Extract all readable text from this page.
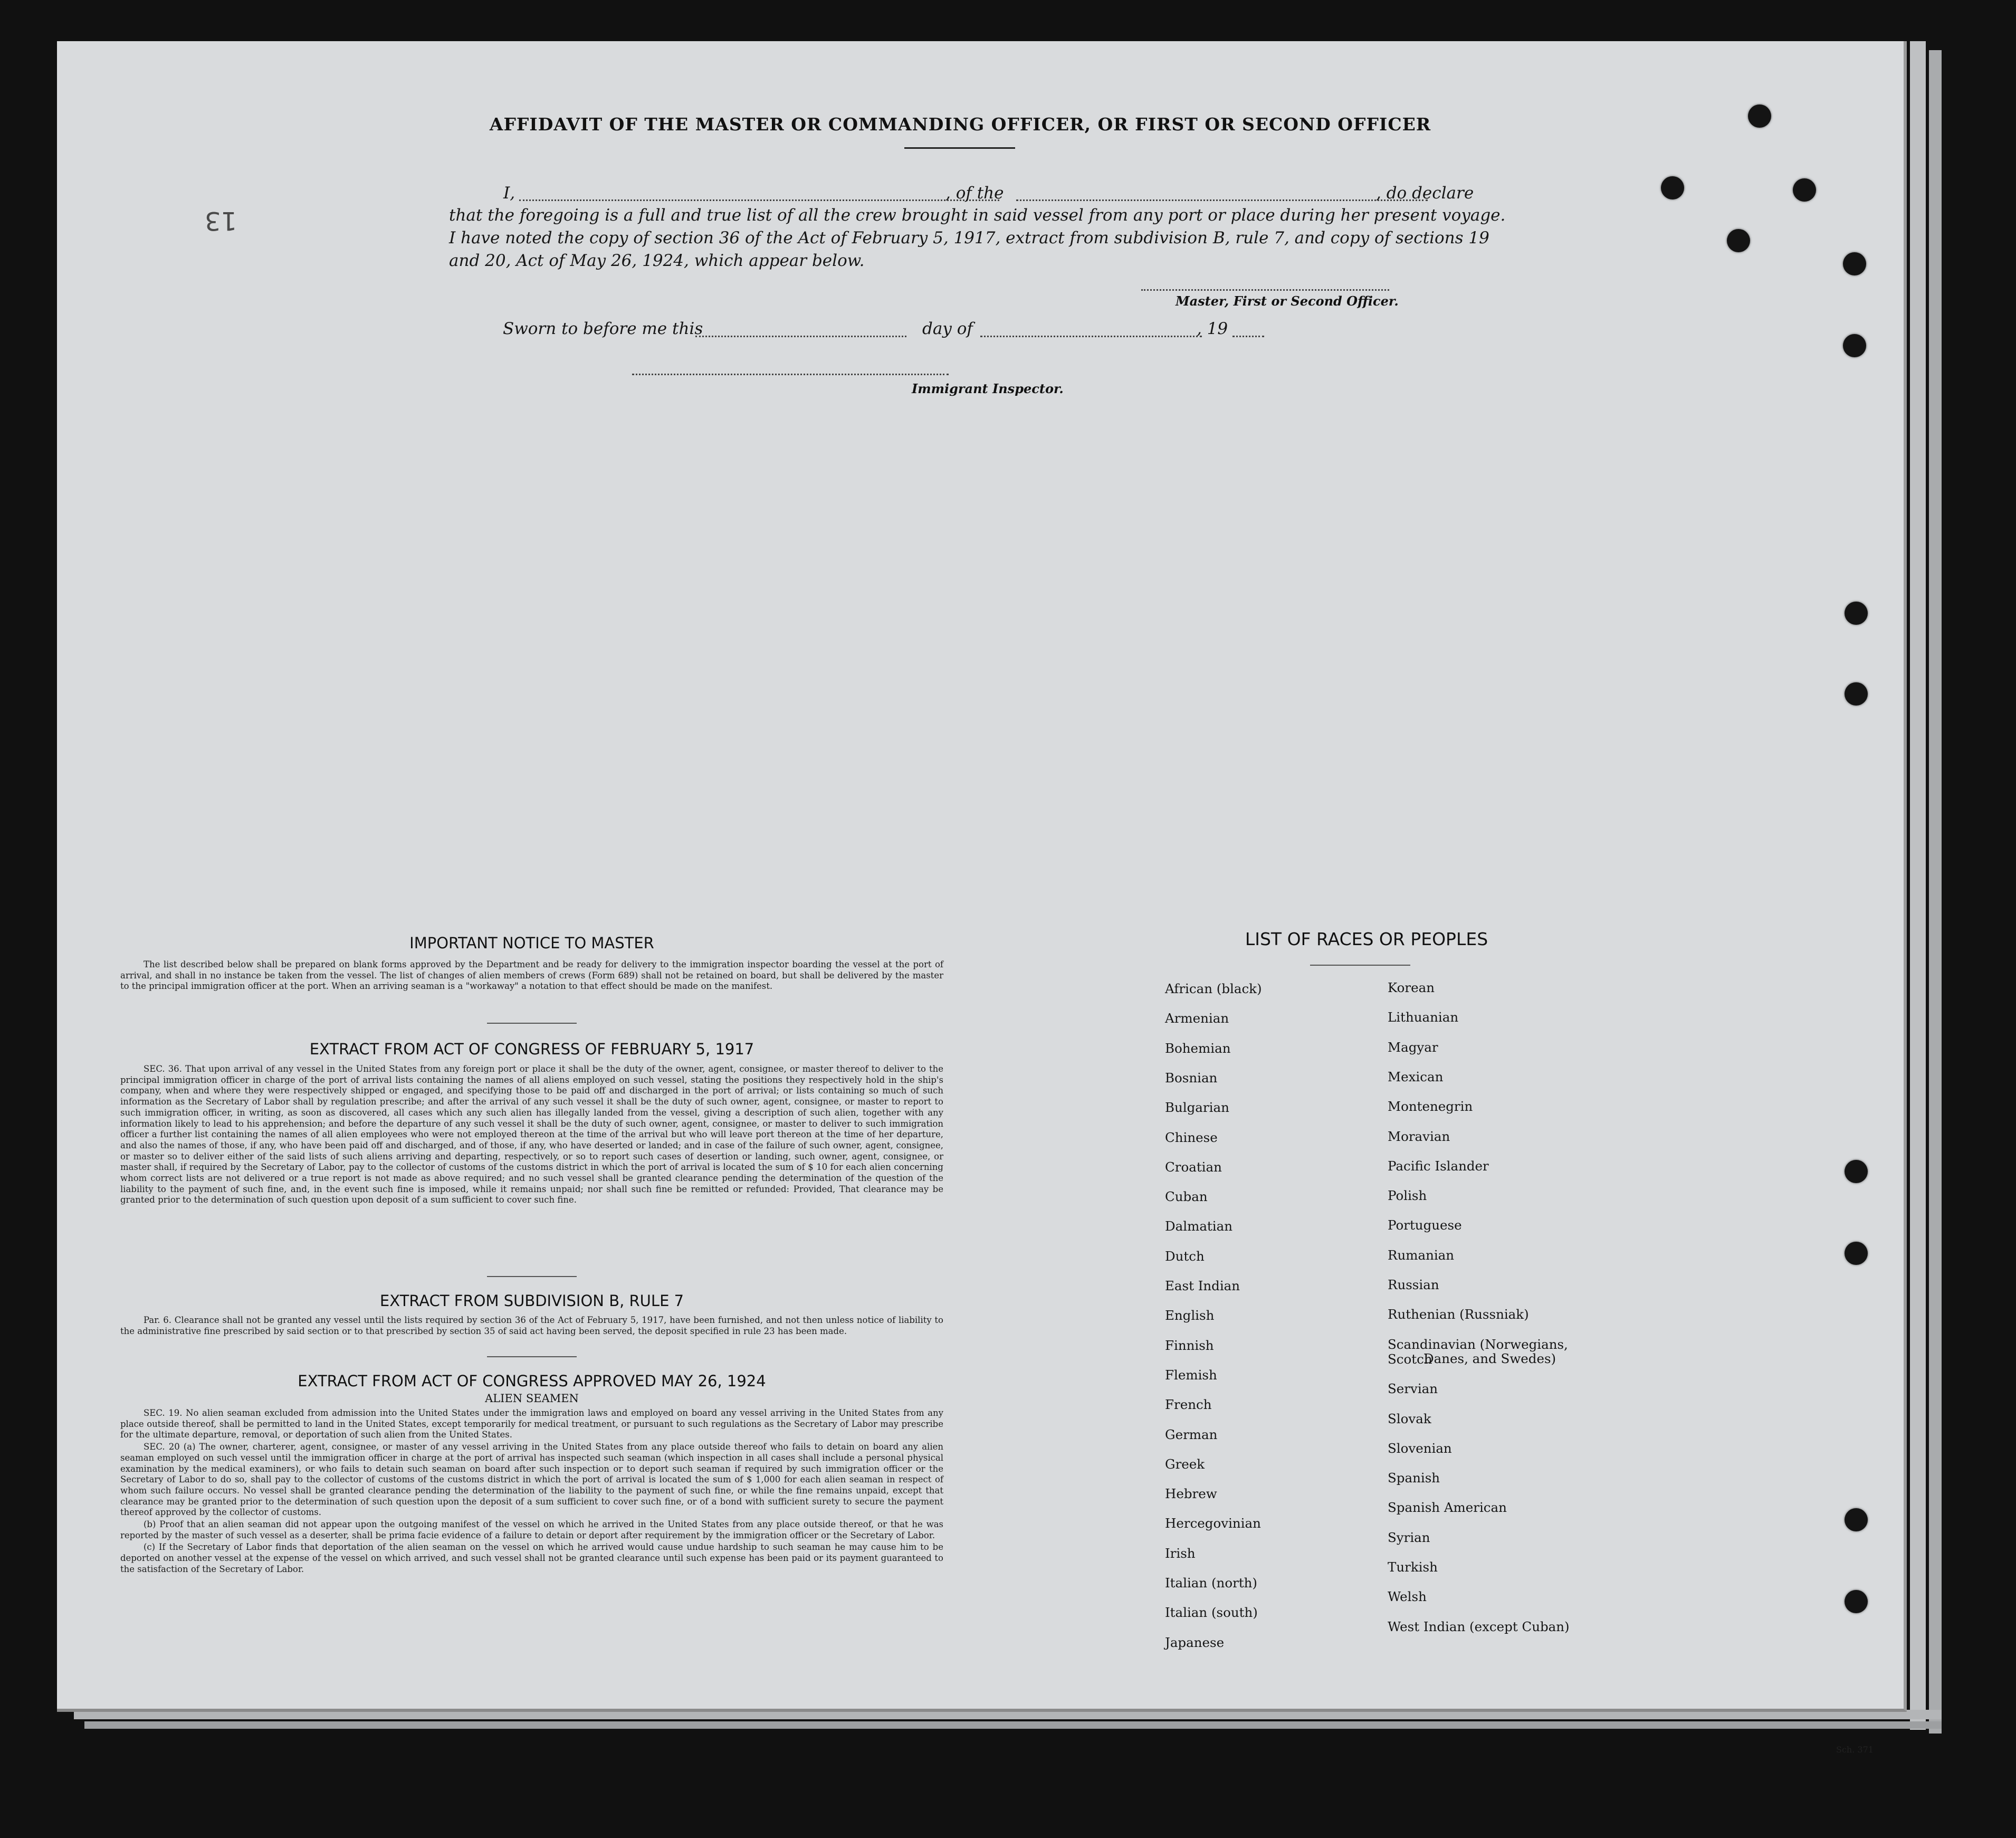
13
AFFIDAVIT OF THE MASTER OR COMMANDING OFFICER, OR FIRST OR SECOND OFFICER
I,	, of the	, do declare
that the foregoing is a full and true list of all the crew brought in said vessel from any port or place during her present voyage.
I have noted the copy of section 36 of the Act of February 5, 1917, extract from subdivision B, rule 7, and copy of sections 19
and 20, Act of May 26, 1924, which appear below.
Master, First or Second Officer.
Sworn to before me this	day of	, 19
Immigrant Inspector.
IMPORTANT NOTICE TO MASTER

The list described below shall be prepared on blank forms approved by the Department and be ready for delivery to the immigration inspector boarding the vessel at the port of arrival, and shall in no instance be taken from the vessel. The list of changes of alien members of crews (Form 689) shall not be retained on board, but shall be delivered by the master to the principal immigration officer at the port. When an arriving seaman is a "workaway" a notation to that effect should be made on the manifest.

EXTRACT FROM ACT OF CONGRESS OF FEBRUARY 5, 1917

SEC. 36. That upon arrival of any vessel in the United States from any foreign port or place it shall be the duty of the owner, agent, consignee, or master thereof to deliver to the principal immigration officer in charge of the port of arrival lists containing the names of all aliens employed on such vessel, stating the positions they respectively hold in the ship's company, when and where they were respectively shipped or engaged, and specifying those to be paid off and discharged in the port of arrival; or lists containing so much of such information as the Secretary of Labor shall by regulation prescribe; and after the arrival of any such vessel it shall be the duty of such owner, agent, consignee, or master to report to such immigration officer, in writing, as soon as discovered, all cases which any such alien has illegally landed from the vessel, giving a description of such alien, together with any information likely to lead to his apprehension; and before the departure of any such vessel it shall be the duty of such owner, agent, consignee, or master to deliver to such immigration officer a further list containing the names of all alien employees who were not employed thereon at the time of the arrival but who will leave port thereon at the time of her departure, and also the names of those, if any, who have been paid off and discharged, and of those, if any, who have deserted or landed; and in case of the failure of such owner, agent, consignee, or master so to deliver either of the said lists of such aliens arriving and departing, respectively, or so to report such cases of desertion or landing, such owner, agent, consignee, or master shall, if required by the Secretary of Labor, pay to the collector of customs of the customs district in which the port of arrival is located the sum of $ 10 for each alien concerning whom correct lists are not delivered or a true report is not made as above required; and no such vessel shall be granted clearance pending the determination of the question of the liability to the payment of such fine, and, in the event such fine is imposed, while it remains unpaid; nor shall such fine be remitted or refunded: Provided, That clearance may be granted prior to the determination of such question upon deposit of a sum sufficient to cover such fine.

EXTRACT FROM SUBDIVISION B, RULE 7

Par. 6. Clearance shall not be granted any vessel until the lists required by section 36 of the Act of February 5, 1917, have been furnished, and not then unless notice of liability to the administrative fine prescribed by said section or to that prescribed by section 35 of said act having been served, the deposit specified in rule 23 has been made.

EXTRACT FROM ACT OF CONGRESS APPROVED MAY 26, 1924
ALIEN SEAMEN

SEC. 19. No alien seaman excluded from admission into the United States under the immigration laws and employed on board any vessel arriving in the United States from any place outside thereof, shall be permitted to land in the United States, except temporarily for medical treatment, or pursuant to such regulations as the Secretary of Labor may prescribe for the ultimate departure, removal, or deportation of such alien from the United States.

SEC. 20 (a) The owner, charterer, agent, consignee, or master of any vessel arriving in the United States from any place outside thereof who fails to detain on board any alien seaman employed on such vessel until the immigration officer in charge at the port of arrival has inspected such seaman (which inspection in all cases shall include a personal physical examination by the medical examiners), or who fails to detain such seaman on board after such inspection or to deport such seaman if required by such immigration officer or the Secretary of Labor to do so, shall pay to the collector of customs of the customs district in which the port of arrival is located the sum of $ 1,000 for each alien seaman in respect of whom such failure occurs. No vessel shall be granted clearance pending the determination of the liability to the payment of such fine, or while the fine remains unpaid, except that clearance may be granted prior to the determination of such question upon the deposit of a sum sufficient to cover such fine, or of a bond with sufficient surety to secure the payment thereof approved by the collector of customs.

(b) Proof that an alien seaman did not appear upon the outgoing manifest of the vessel on which he arrived in the United States from any place outside thereof, or that he was reported by the master of such vessel as a deserter, shall be prima facie evidence of a failure to detain or deport after requirement by the immigration officer or the Secretary of Labor.

(c) If the Secretary of Labor finds that deportation of the alien seaman on the vessel on which he arrived would cause undue hardship to such seaman he may cause him to be deported on another vessel at the expense of the vessel on which arrived, and such vessel shall not be granted clearance until such expense has been paid or its payment guaranteed to the satisfaction of the Secretary of Labor.

LIST OF RACES OR PEOPLES
Sch. 371
African (black)
Armenian
Bohemian
Bosnian
Bulgarian
Chinese
Croatian
Cuban
Dalmatian
Dutch
East Indian
English
Finnish
Flemish
French
German
Greek
Hebrew
Hercegovinian
Irish
Italian (north)
Italian (south)
Japanese
Korean
Lithuanian
Magyar
Mexican
Montenegrin
Moravian
Pacific Islander
Polish
Portuguese
Rumanian
Russian
Ruthenian (Russniak)
Scandinavian (Norwegians,
Danes, and Swedes)
Scotch
Servian
Slovak
Slovenian
Spanish
Spanish American
Syrian
Turkish
Welsh
West Indian (except Cuban)
